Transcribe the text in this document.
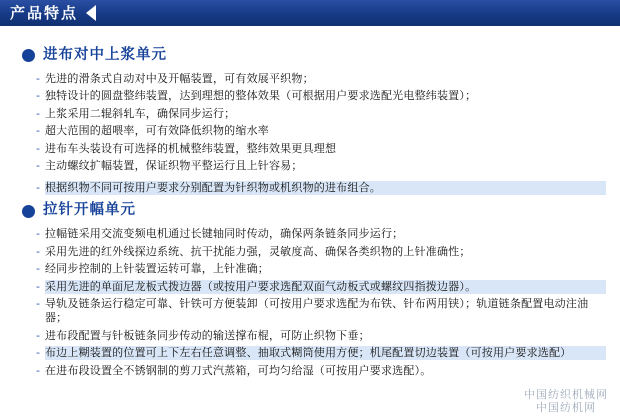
产品特点
进布对中上浆单元
- 先进的滑条式自动对中及开幅装置，可有效展平织物；
- 独特设计的圆盘整纬装置，达到理想的整体效果（可根据用户要求选配光电整纬装置）；
- 上浆采用二辊斜轧车，确保同步运行；
- 超大范围的超喂率，可有效降低织物的缩水率
- 进布车头装设有可选择的机械整纬装置，整纬效果更具理想
- 主动螺纹扩幅装置，保证织物平整运行且上针容易；
- 根据织物不同可按用户要求分别配置为针织物或机织物的进布组合。
拉针开幅单元
- 拉幅链采用交流变频电机通过长键轴同时传动，确保两条链条同步运行；
- 采用先进的红外线探边系统、抗干扰能力强，灵敏度高、确保各类织物的上针准确性；
- 经同步控制的上针装置运转可靠，上针准确；
- 采用先进的单面尼龙板式拨边器（或按用户要求选配双面气动板式或螺纹四指拨边器）。
- 导轨及链条运行稳定可靠、针铁可方便装卸（可按用户要求选配为布铁、针布两用铗）；轨道链条配置电动注油器；
- 进布段配置与针板链条同步传动的输送撑布棍，可防止织物下垂；
- 布边上糊装置的位置可上下左右任意调整、抽取式糊筒使用方便；机尾配置切边装置（可按用户要求选配）
- 在进布段设置全不锈钢制的剪刀式汽蒸箱，可均匀给湿（可按用户要求选配）。
中国纺织机械网
中国纺机网
